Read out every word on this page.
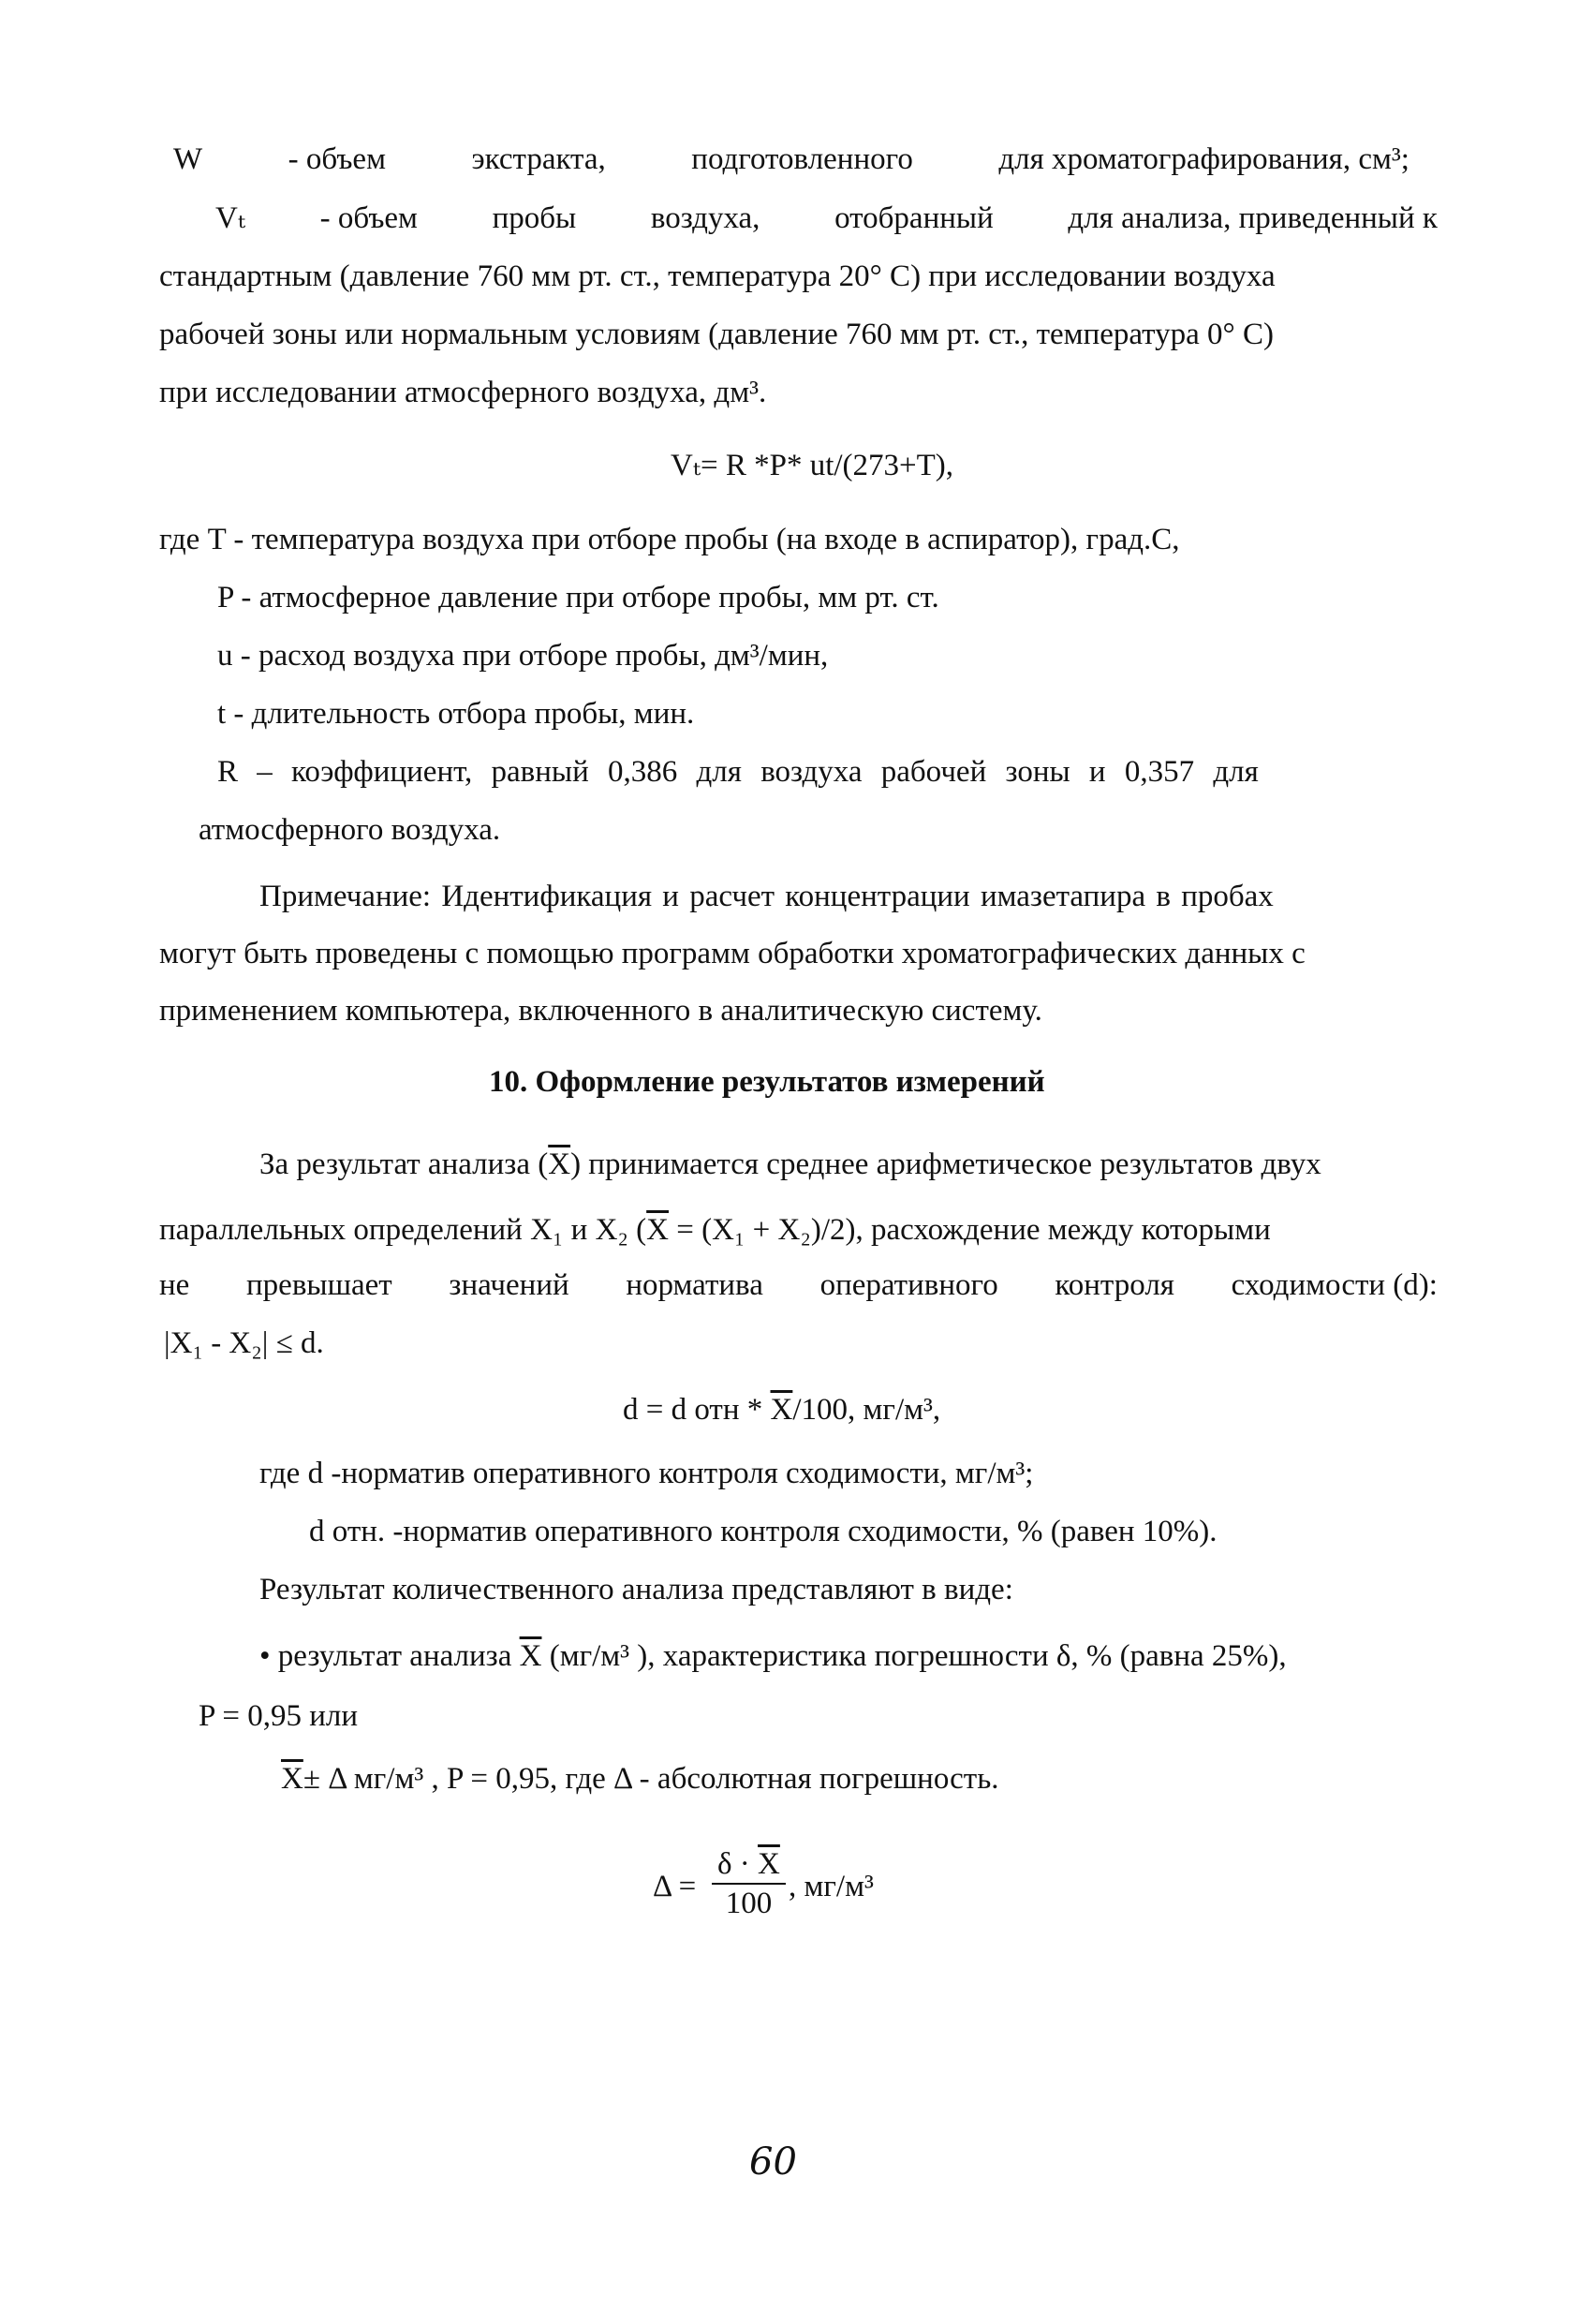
W	- объем	экстракта,	подготовленного	для хроматографирования, см³;
Vₜ - объем пробы воздуха, отобранный для анализа, приведенный к
стандартным (давление 760 мм рт. ст., температура 20° С) при исследовании воздуха
рабочей зоны или нормальным условиям (давление 760 мм рт. ст., температура 0° С)
при исследовании атмосферного воздуха, дм³.
Vₜ= R *P* ut/(273+T),
где T - температура воздуха при отборе пробы (на входе в аспиратор), град.С,
P - атмосферное давление при отборе пробы, мм рт. ст.
u - расход воздуха при отборе пробы, дм³/мин,
t - длительность отбора пробы, мин.
R – коэффициент, равный 0,386 для воздуха рабочей зоны и 0,357 для
атмосферного воздуха.
Примечание: Идентификация и расчет концентрации имазетапира в пробах
могут быть проведены с помощью программ обработки хроматографических данных с
применением компьютера, включенного в аналитическую систему.
10. Оформление результатов измерений
За результат анализа $(\overline{X})$ принимается среднее арифметическое результатов двух
параллельных определений X₁ и X₂ $(\overline{X} = (X_1 + X_2)/2)$, расхождение между которыми
не превышает значений норматива оперативного контроля сходимости (d):
|X₁ - X₂| ≤ d.
d = d отн * $\overline{X}/100$, мг/м³,
где d -норматив оперативного контроля сходимости, мг/м³;
d отн. -норматив оперативного контроля сходимости, % (равен 10%).
Результат количественного анализа представляют в виде:
• результат анализа $\overline{X}$ (мг/м³ ), характеристика погрешности δ, % (равна 25%),
P = 0,95 или
$\overline{X}\pm \Delta$ мг/м³ , P = 0,95, где Δ - абсолютная погрешность.
$\Delta = \frac{\delta \cdot \overline{X}}{100}$ , мг/м³
60
